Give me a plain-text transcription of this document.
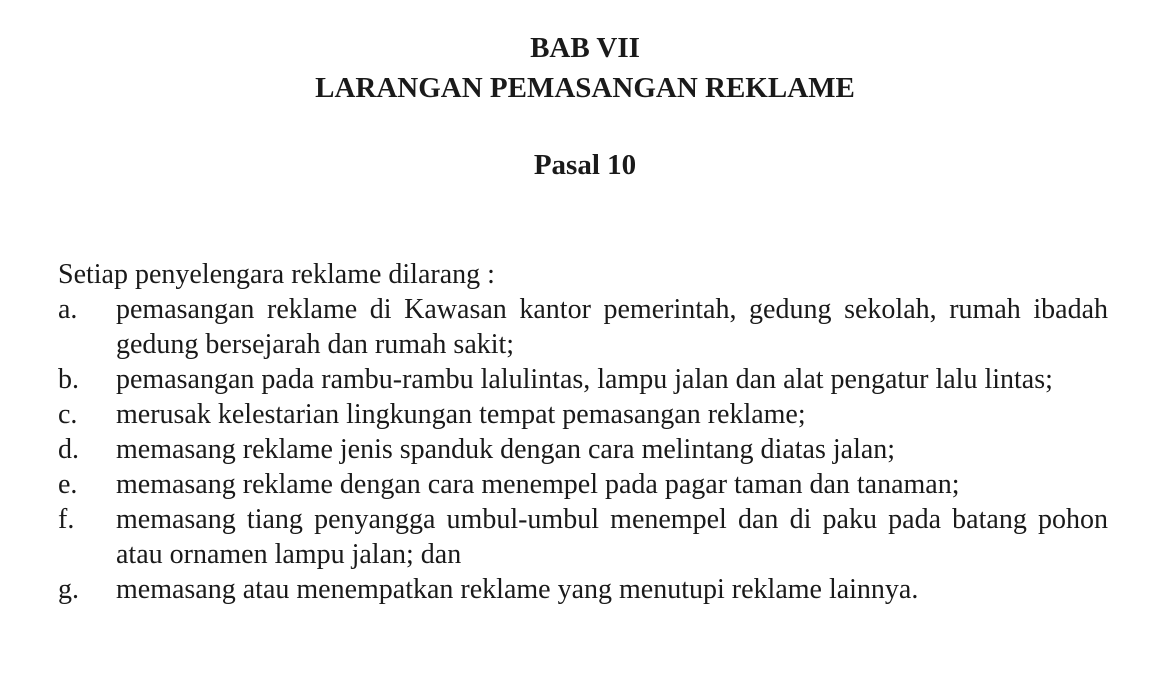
BAB VII
LARANGAN PEMASANGAN REKLAME
Pasal 10

Setiap penyelengara reklame dilarang :

a.	pemasangan reklame di Kawasan kantor pemerintah, gedung sekolah, rumah ibadah gedung bersejarah dan rumah sakit;
b.	pemasangan pada rambu-rambu lalulintas, lampu jalan dan alat pengatur lalu lintas;
c.	merusak kelestarian lingkungan tempat pemasangan reklame;
d.	memasang reklame jenis spanduk dengan cara melintang diatas jalan;
e.	memasang reklame dengan cara menempel pada pagar taman dan tanaman;
f.	memasang tiang penyangga umbul-umbul menempel dan di paku pada batang pohon atau ornamen lampu jalan; dan
g.	memasang atau menempatkan reklame yang menutupi reklame lainnya.
